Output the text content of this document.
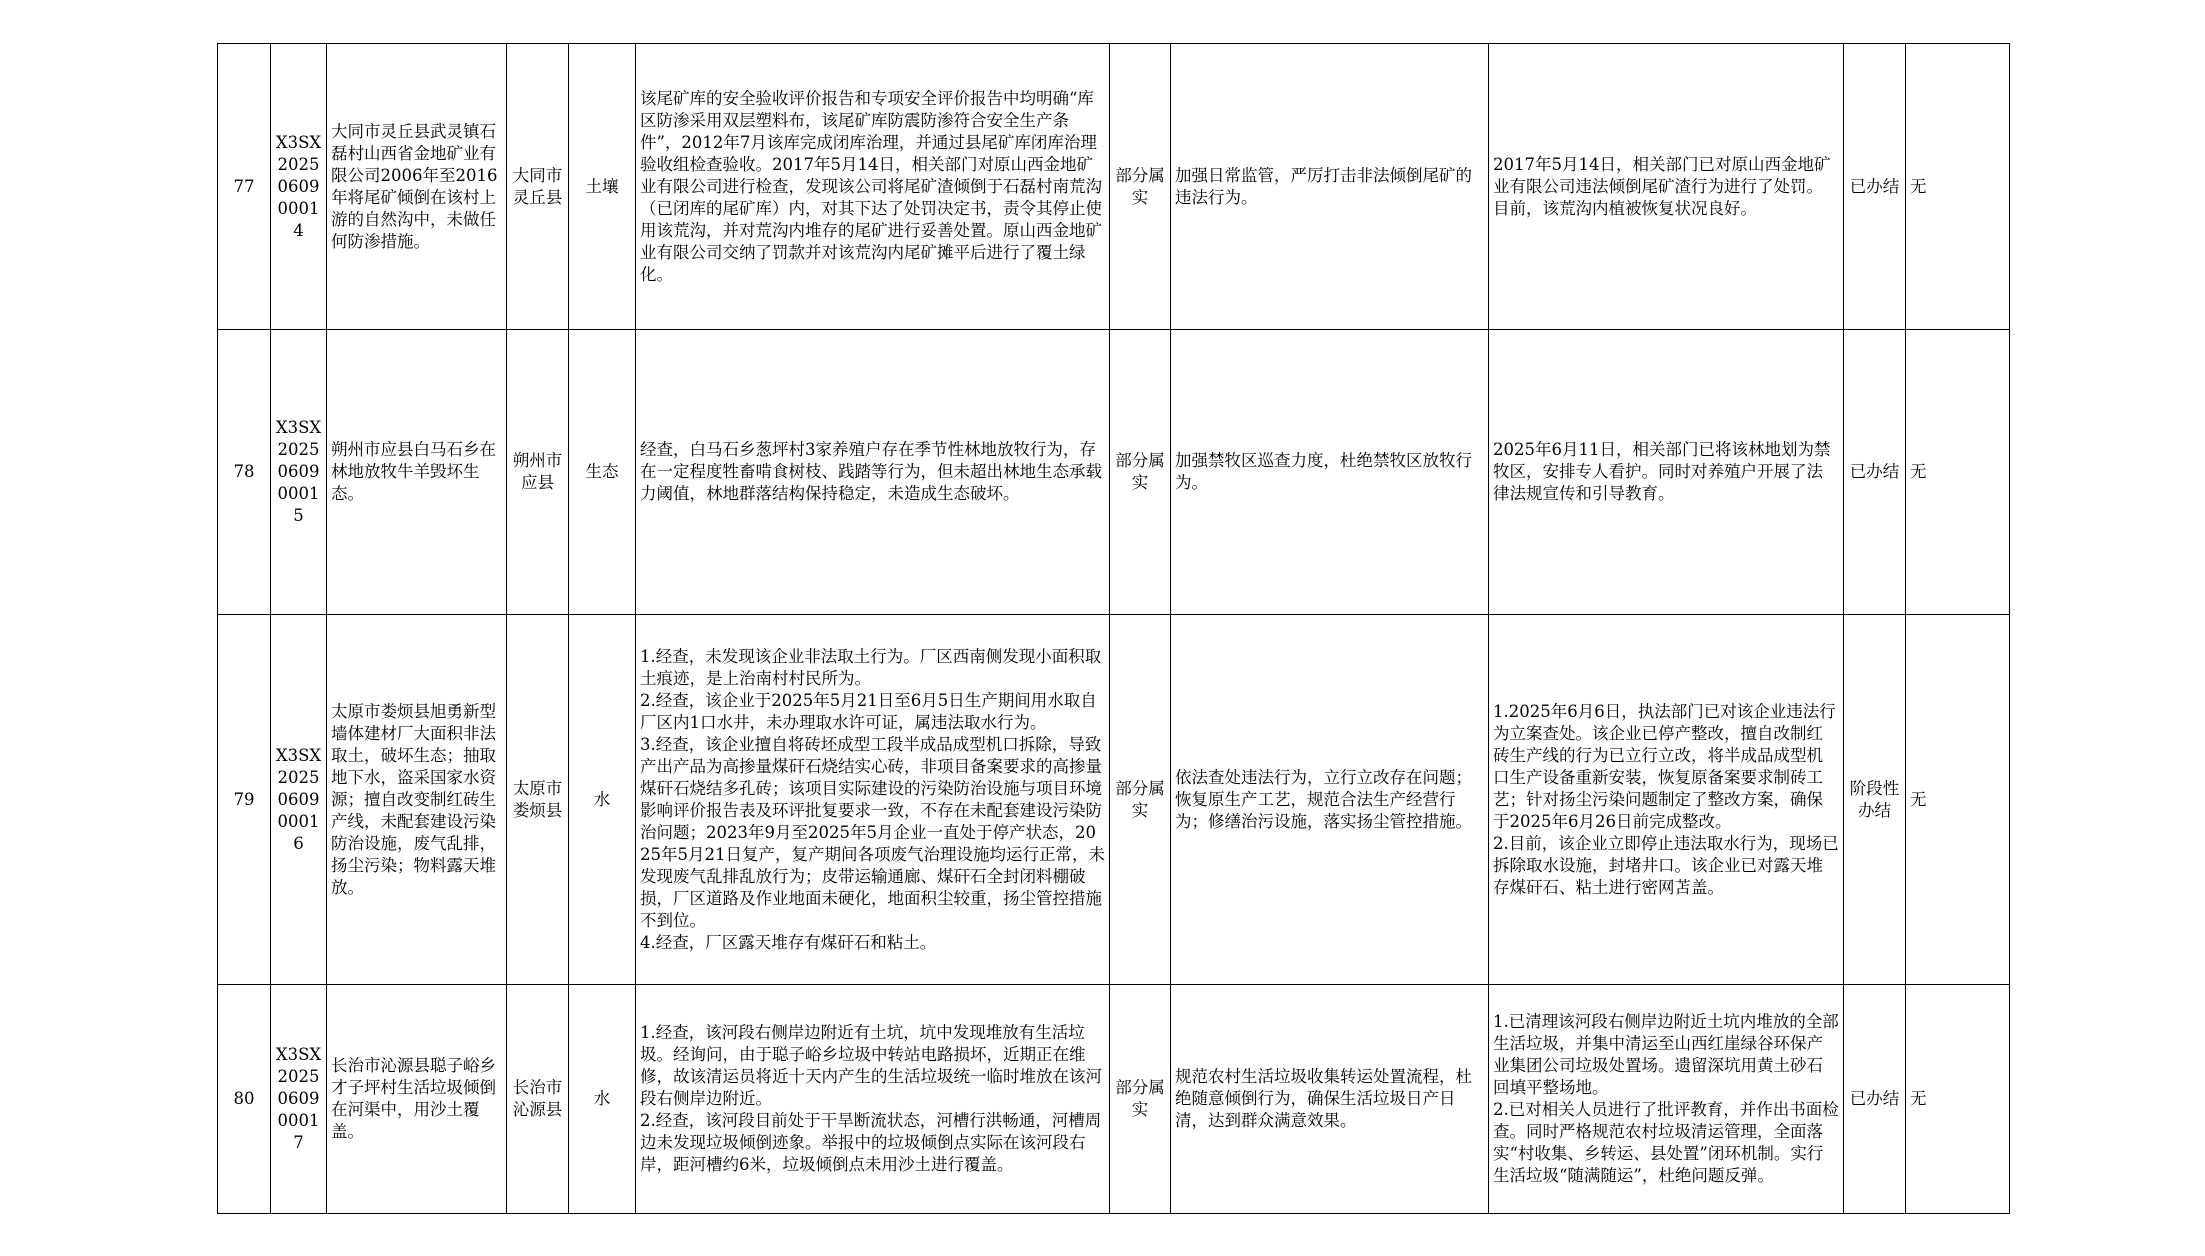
77	X3SX2025060900014	大同市灵丘县武灵镇石磊村山西省金地矿业有限公司2006年至2016年将尾矿倾倒在该村上游的自然沟中，未做任何防渗措施。	大同市灵丘县	土壤	该尾矿库的安全验收评价报告和专项安全评价报告中均明确“库区防渗采用双层塑料布，该尾矿库防震防渗符合安全生产条件”，2012年7月该库完成闭库治理，并通过县尾矿库闭库治理验收组检查验收。2017年5月14日，相关部门对原山西金地矿业有限公司进行检查，发现该公司将尾矿渣倾倒于石磊村南荒沟（已闭库的尾矿库）内，对其下达了处罚决定书，责令其停止使用该荒沟，并对荒沟内堆存的尾矿进行妥善处置。原山西金地矿业有限公司交纳了罚款并对该荒沟内尾矿摊平后进行了覆土绿化。	部分属实	加强日常监管，严厉打击非法倾倒尾矿的违法行为。	2017年5月14日，相关部门已对原山西金地矿业有限公司违法倾倒尾矿渣行为进行了处罚。目前，该荒沟内植被恢复状况良好。	已办结	无
78	X3SX2025060900015	朔州市应县白马石乡在林地放牧牛羊毁坏生态。	朔州市应县	生态	经查，白马石乡葱坪村3家养殖户存在季节性林地放牧行为，存在一定程度牲畜啃食树枝、践踏等行为，但未超出林地生态承载力阈值，林地群落结构保持稳定，未造成生态破坏。	部分属实	加强禁牧区巡查力度，杜绝禁牧区放牧行为。	2025年6月11日，相关部门已将该林地划为禁牧区，安排专人看护。同时对养殖户开展了法律法规宣传和引导教育。	已办结	无
79	X3SX2025060900016	太原市娄烦县旭勇新型墙体建材厂大面积非法取土，破坏生态；抽取地下水，盗采国家水资源；擅自改变制红砖生产线，未配套建设污染防治设施，废气乱排，扬尘污染；物料露天堆放。	太原市娄烦县	水	1.经查，未发现该企业非法取土行为。厂区西南侧发现小面积取土痕迹，是上治南村村民所为。
2.经查，该企业于2025年5月21日至6月5日生产期间用水取自厂区内1口水井，未办理取水许可证，属违法取水行为。
3.经查，该企业擅自将砖坯成型工段半成品成型机口拆除，导致产出产品为高掺量煤矸石烧结实心砖，非项目备案要求的高掺量煤矸石烧结多孔砖；该项目实际建设的污染防治设施与项目环境影响评价报告表及环评批复要求一致，不存在未配套建设污染防治问题；2023年9月至2025年5月企业一直处于停产状态，2025年5月21日复产，复产期间各项废气治理设施均运行正常，未发现废气乱排乱放行为；皮带运输通廊、煤矸石全封闭料棚破损，厂区道路及作业地面未硬化，地面积尘较重，扬尘管控措施不到位。
4.经查，厂区露天堆存有煤矸石和粘土。	部分属实	依法查处违法行为，立行立改存在问题；恢复原生产工艺，规范合法生产经营行为；修缮治污设施，落实扬尘管控措施。	1.2025年6月6日，执法部门已对该企业违法行为立案查处。该企业已停产整改，擅自改制红砖生产线的行为已立行立改，将半成品成型机口生产设备重新安装，恢复原备案要求制砖工艺；针对扬尘污染问题制定了整改方案，确保于2025年6月26日前完成整改。
2.目前，该企业立即停止违法取水行为，现场已拆除取水设施，封堵井口。该企业已对露天堆存煤矸石、粘土进行密网苫盖。	阶段性办结	无
80	X3SX2025060900017	长治市沁源县聪子峪乡才子坪村生活垃圾倾倒在河渠中，用沙土覆盖。	长治市沁源县	水	1.经查，该河段右侧岸边附近有土坑，坑中发现堆放有生活垃圾。经询问，由于聪子峪乡垃圾中转站电路损坏，近期正在维修，故该清运员将近十天内产生的生活垃圾统一临时堆放在该河段右侧岸边附近。
2.经查，该河段目前处于干旱断流状态，河槽行洪畅通，河槽周边未发现垃圾倾倒迹象。举报中的垃圾倾倒点实际在该河段右岸，距河槽约6米，垃圾倾倒点未用沙土进行覆盖。	部分属实	规范农村生活垃圾收集转运处置流程，杜绝随意倾倒行为，确保生活垃圾日产日清，达到群众满意效果。	1.已清理该河段右侧岸边附近土坑内堆放的全部生活垃圾，并集中清运至山西红崖绿谷环保产业集团公司垃圾处置场。遗留深坑用黄土砂石回填平整场地。
2.已对相关人员进行了批评教育，并作出书面检查。同时严格规范农村垃圾清运管理，全面落实“村收集、乡转运、县处置”闭环机制。实行生活垃圾“随满随运”，杜绝问题反弹。	已办结	无
